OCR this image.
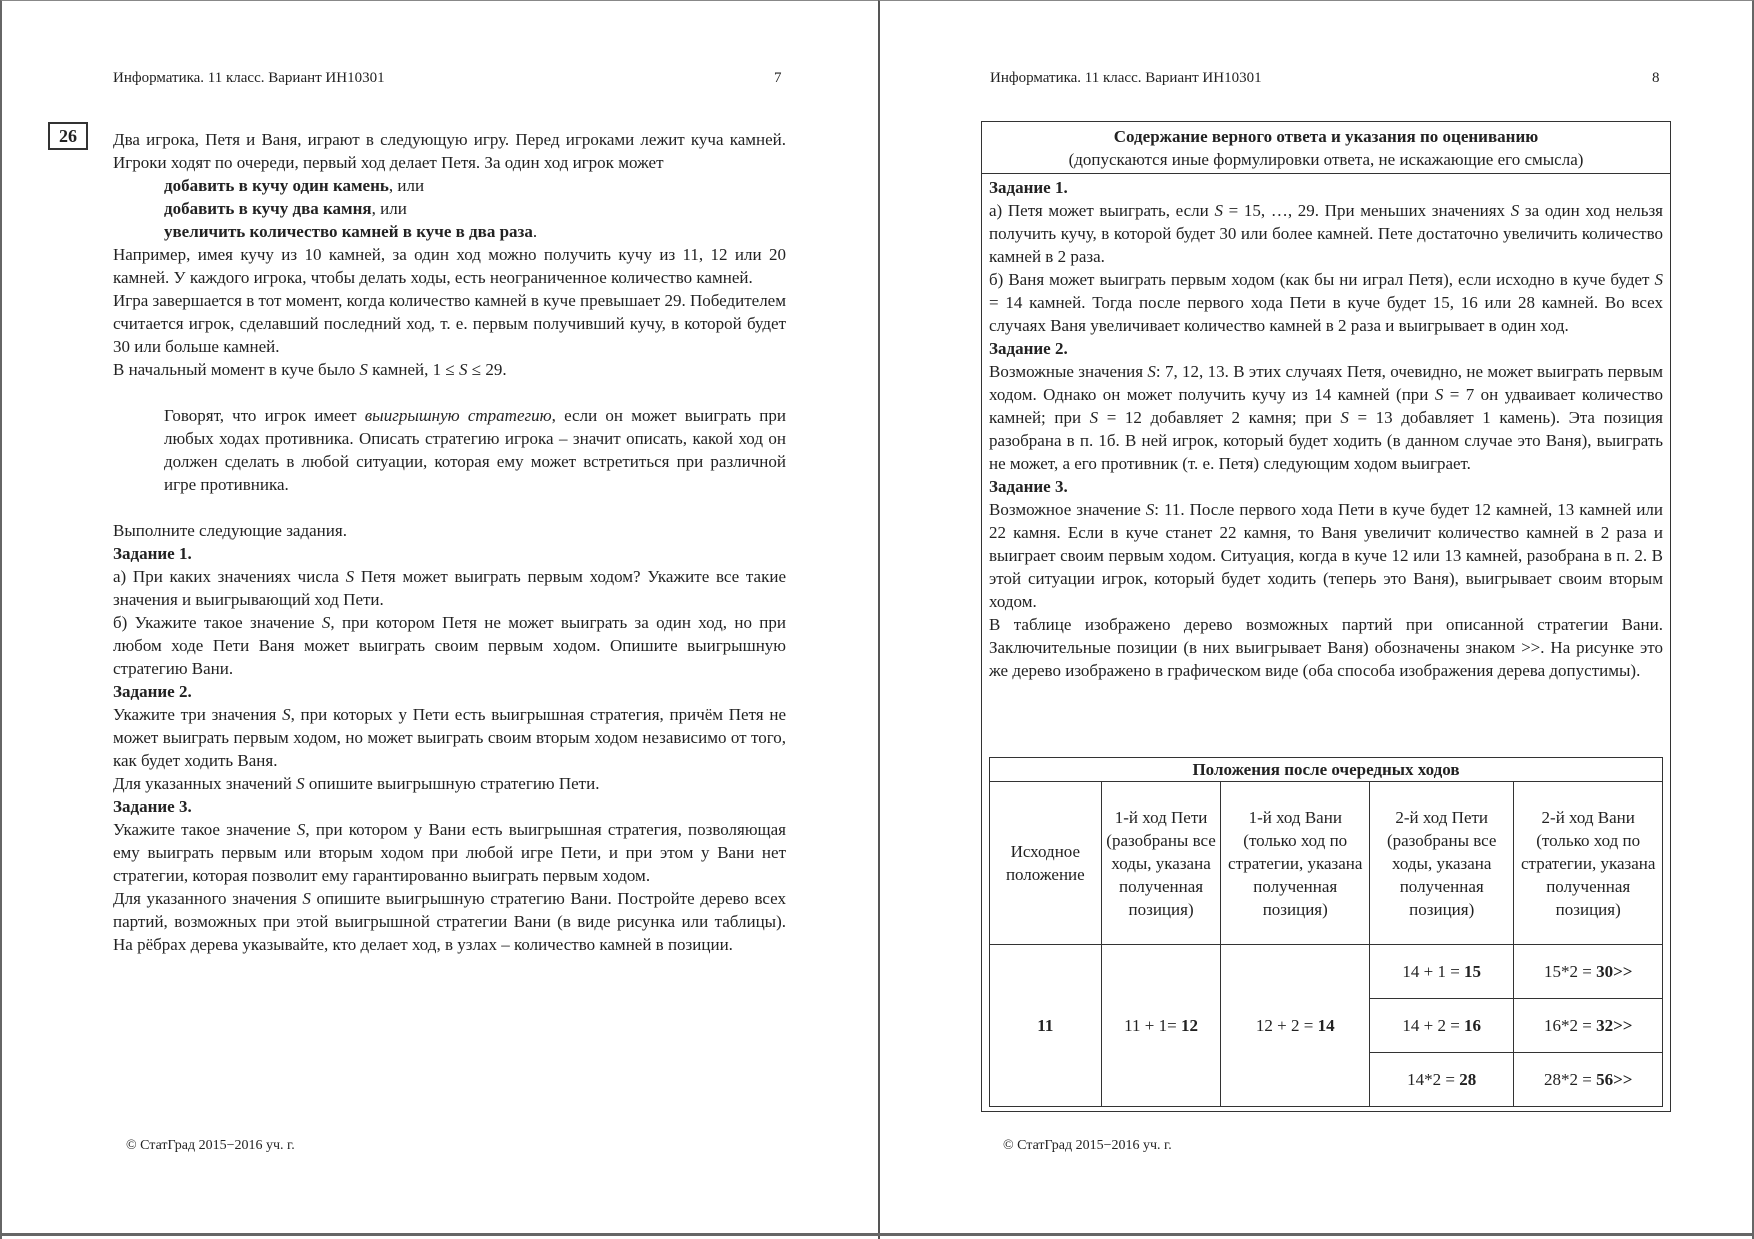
Информатика. 11 класс. Вариант ИН10301	7
26	Два игрока, Петя и Ваня, играют в следующую игру. Перед игроками лежит куча камней. Игроки ходят по очереди, первый ход делает Петя. За один ход игрок может

добавить в кучу один камень, или

добавить в кучу два камня, или

увеличить количество камней в куче в два раза.

Например, имея кучу из 10 камней, за один ход можно получить кучу из 11, 12 или 20 камней. У каждого игрока, чтобы делать ходы, есть неограниченное количество камней.

Игра завершается в тот момент, когда количество камней в куче превышает 29. Победителем считается игрок, сделавший последний ход, т. е. первым получивший кучу, в которой будет 30 или больше камней.

В начальный момент в куче было S камней, 1 ≤ S ≤ 29.

Говорят, что игрок имеет выигрышную стратегию, если он может выиграть при любых ходах противника. Описать стратегию игрока – значит описать, какой ход он должен сделать в любой ситуации, которая ему может встретиться при различной игре противника.

Выполните следующие задания.

Задание 1.

а) При каких значениях числа S Петя может выиграть первым ходом? Укажите все такие значения и выигрывающий ход Пети.

б) Укажите такое значение S, при котором Петя не может выиграть за один ход, но при любом ходе Пети Ваня может выиграть своим первым ходом. Опишите выигрышную стратегию Вани.

Задание 2.

Укажите три значения S, при которых у Пети есть выигрышная стратегия, причём Петя не может выиграть первым ходом, но может выиграть своим вторым ходом независимо от того, как будет ходить Ваня.

Для указанных значений S опишите выигрышную стратегию Пети.

Задание 3.

Укажите такое значение S, при котором у Вани есть выигрышная стратегия, позволяющая ему выиграть первым или вторым ходом при любой игре Пети, и при этом у Вани нет стратегии, которая позволит ему гарантированно выиграть первым ходом.

Для указанного значения S опишите выигрышную стратегию Вани. Постройте дерево всех партий, возможных при этой выигрышной стратегии Вани (в виде рисунка или таблицы). На рёбрах дерева указывайте, кто делает ход, в узлах – количество камней в позиции.

© СтатГрад 2015−2016 уч. г.
Информатика. 11 класс. Вариант ИН10301	8
Содержание верного ответа и указания по оцениванию
(допускаются иные формулировки ответа, не искажающие его смысла)

Задание 1.

а) Петя может выиграть, если S = 15, …, 29. При меньших значениях S за один ход нельзя получить кучу, в которой будет 30 или более камней. Пете достаточно увеличить количество камней в 2 раза.

б) Ваня может выиграть первым ходом (как бы ни играл Петя), если исходно в куче будет S = 14 камней. Тогда после первого хода Пети в куче будет 15, 16 или 28 камней. Во всех случаях Ваня увеличивает количество камней в 2 раза и выигрывает в один ход.

Задание 2.

Возможные значения S: 7, 12, 13. В этих случаях Петя, очевидно, не может выиграть первым ходом. Однако он может получить кучу из 14 камней (при S = 7 он удваивает количество камней; при S = 12 добавляет 2 камня; при S = 13 добавляет 1 камень). Эта позиция разобрана в п. 1б. В ней игрок, который будет ходить (в данном случае это Ваня), выиграть не может, а его противник (т. е. Петя) следующим ходом выиграет.

Задание 3.

Возможное значение S: 11. После первого хода Пети в куче будет 12 камней, 13 камней или 22 камня. Если в куче станет 22 камня, то Ваня увеличит количество камней в 2 раза и выиграет своим первым ходом. Ситуация, когда в куче 12 или 13 камней, разобрана в п. 2. В этой ситуации игрок, который будет ходить (теперь это Ваня), выигрывает своим вторым ходом.

В таблице изображено дерево возможных партий при описанной стратегии Вани. Заключительные позиции (в них выигрывает Ваня) обозначены знаком >>. На рисунке это же дерево изображено в графическом виде (оба способа изображения дерева допустимы).

Положения после очередных ходов				
Исходное положение	1-й ход Пети (разобраны все ходы, указана полученная позиция)	1-й ход Вани (только ход по стратегии, указана полученная позиция)	2-й ход Пети (разобраны все ходы, указана полученная позиция)	2-й ход Вани (только ход по стратегии, указана полученная позиция)
11	11 + 1= 12	12 + 2 = 14	14 + 1 = 15	15*2 = 30>>
			14 + 2 = 16	16*2 = 32>>
			14*2 = 28	28*2 = 56>>
© СтатГрад 2015−2016 уч. г.
